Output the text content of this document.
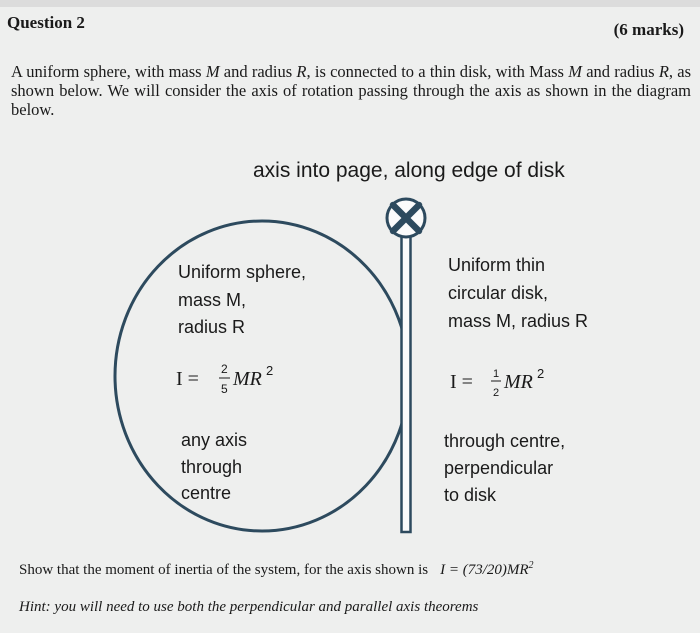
Question 2	(6 marks)
A uniform sphere, with mass M and radius R, is connected to a thin disk, with Mass M and radius R, as shown below. We will consider the axis of rotation passing through the axis as shown in the diagram below.
axis into page, along edge of disk
Uniform sphere,
mass M,
radius R
any axis
through
centre
Uniform thin
circular disk,
mass M, radius R
through centre,
perpendicular
to disk
I = 2
5 MR 2
I = 1
2 MR 2
Show that the moment of inertia of the system, for the axis shown is $I = (73/20)MR^2$
Hint: you will need to use both the perpendicular and parallel axis theorems
